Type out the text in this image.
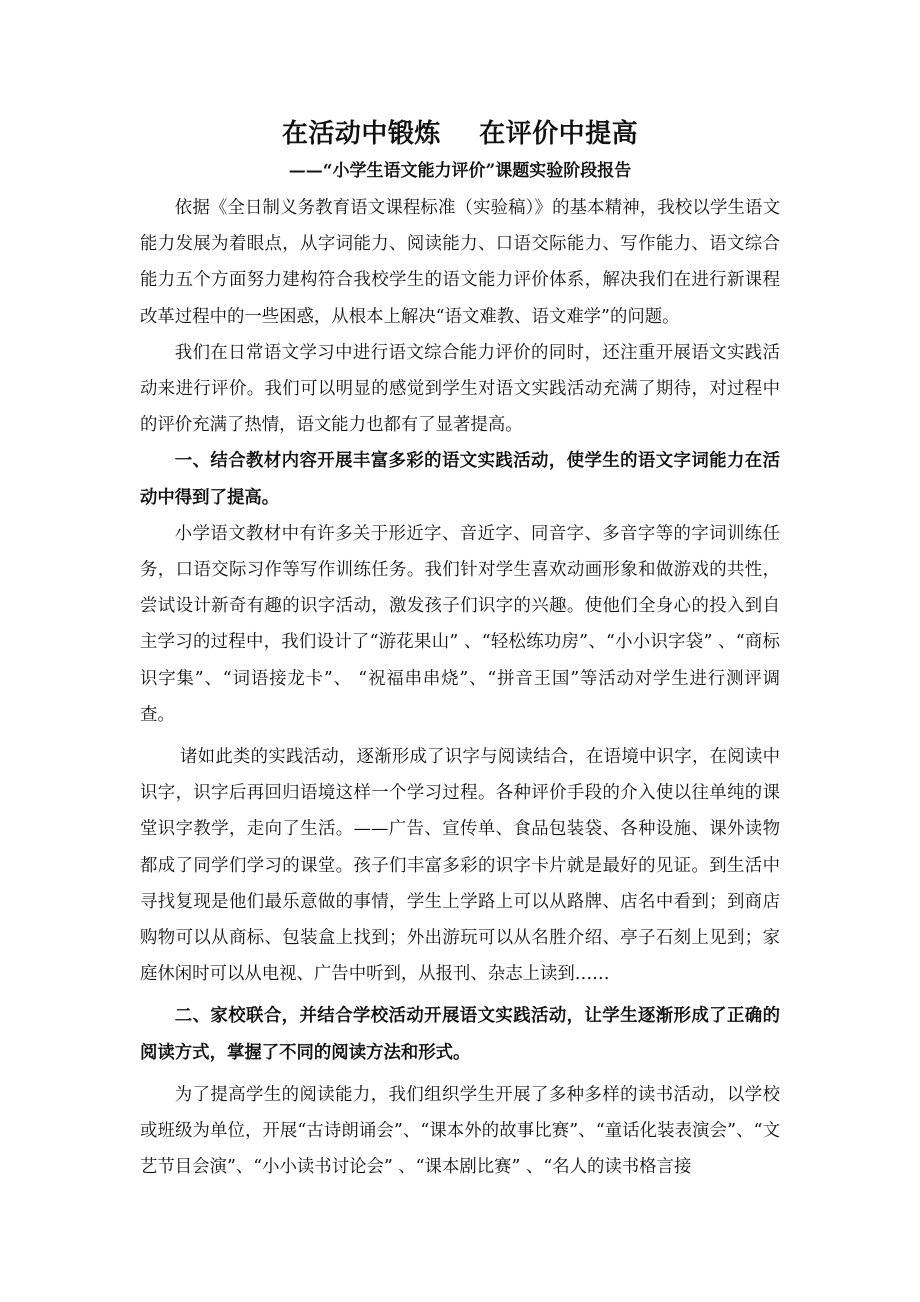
在活动中锻炼    在评价中提高
——“小学生语文能力评价”课题实验阶段报告

依据《全日制义务教育语文课程标准（实验稿）》的基本精神，我校以学生语文能力发展为着眼点，从字词能力、阅读能力、口语交际能力、写作能力、语文综合能力五个方面努力建构符合我校学生的语文能力评价体系，解决我们在进行新课程改革过程中的一些困惑，从根本上解决“语文难教、语文难学”的问题。

我们在日常语文学习中进行语文综合能力评价的同时，还注重开展语文实践活动来进行评价。我们可以明显的感觉到学生对语文实践活动充满了期待，对过程中的评价充满了热情，语文能力也都有了显著提高。

一、结合教材内容开展丰富多彩的语文实践活动，使学生的语文字词能力在活动中得到了提高。

小学语文教材中有许多关于形近字、音近字、同音字、多音字等的字词训练任务，口语交际习作等写作训练任务。我们针对学生喜欢动画形象和做游戏的共性，尝试设计新奇有趣的识字活动，激发孩子们识字的兴趣。使他们全身心的投入到自主学习的过程中，我们设计了“游花果山” 、“轻松练功房”、“小小识字袋” 、“商标识字集”、“词语接龙卡”、 “祝福串串烧”、“拼音王国”等活动对学生进行测评调查。

诸如此类的实践活动，逐渐形成了识字与阅读结合，在语境中识字，在阅读中识字，识字后再回归语境这样一个学习过程。各种评价手段的介入使以往单纯的课堂识字教学，走向了生活。——广告、宣传单、食品包装袋、各种设施、课外读物都成了同学们学习的课堂。孩子们丰富多彩的识字卡片就是最好的见证。到生活中寻找复现是他们最乐意做的事情，学生上学路上可以从路牌、店名中看到；到商店购物可以从商标、包装盒上找到；外出游玩可以从名胜介绍、亭子石刻上见到；家庭休闲时可以从电视、广告中听到，从报刊、杂志上读到……

二、家校联合，并结合学校活动开展语文实践活动，让学生逐渐形成了正确的阅读方式，掌握了不同的阅读方法和形式。

为了提高学生的阅读能力，我们组织学生开展了多种多样的读书活动，以学校或班级为单位，开展“古诗朗诵会”、“课本外的故事比赛”、“童话化装表演会”、“文艺节目会演”、“小小读书讨论会” 、“课本剧比赛” 、“名人的读书格言接
